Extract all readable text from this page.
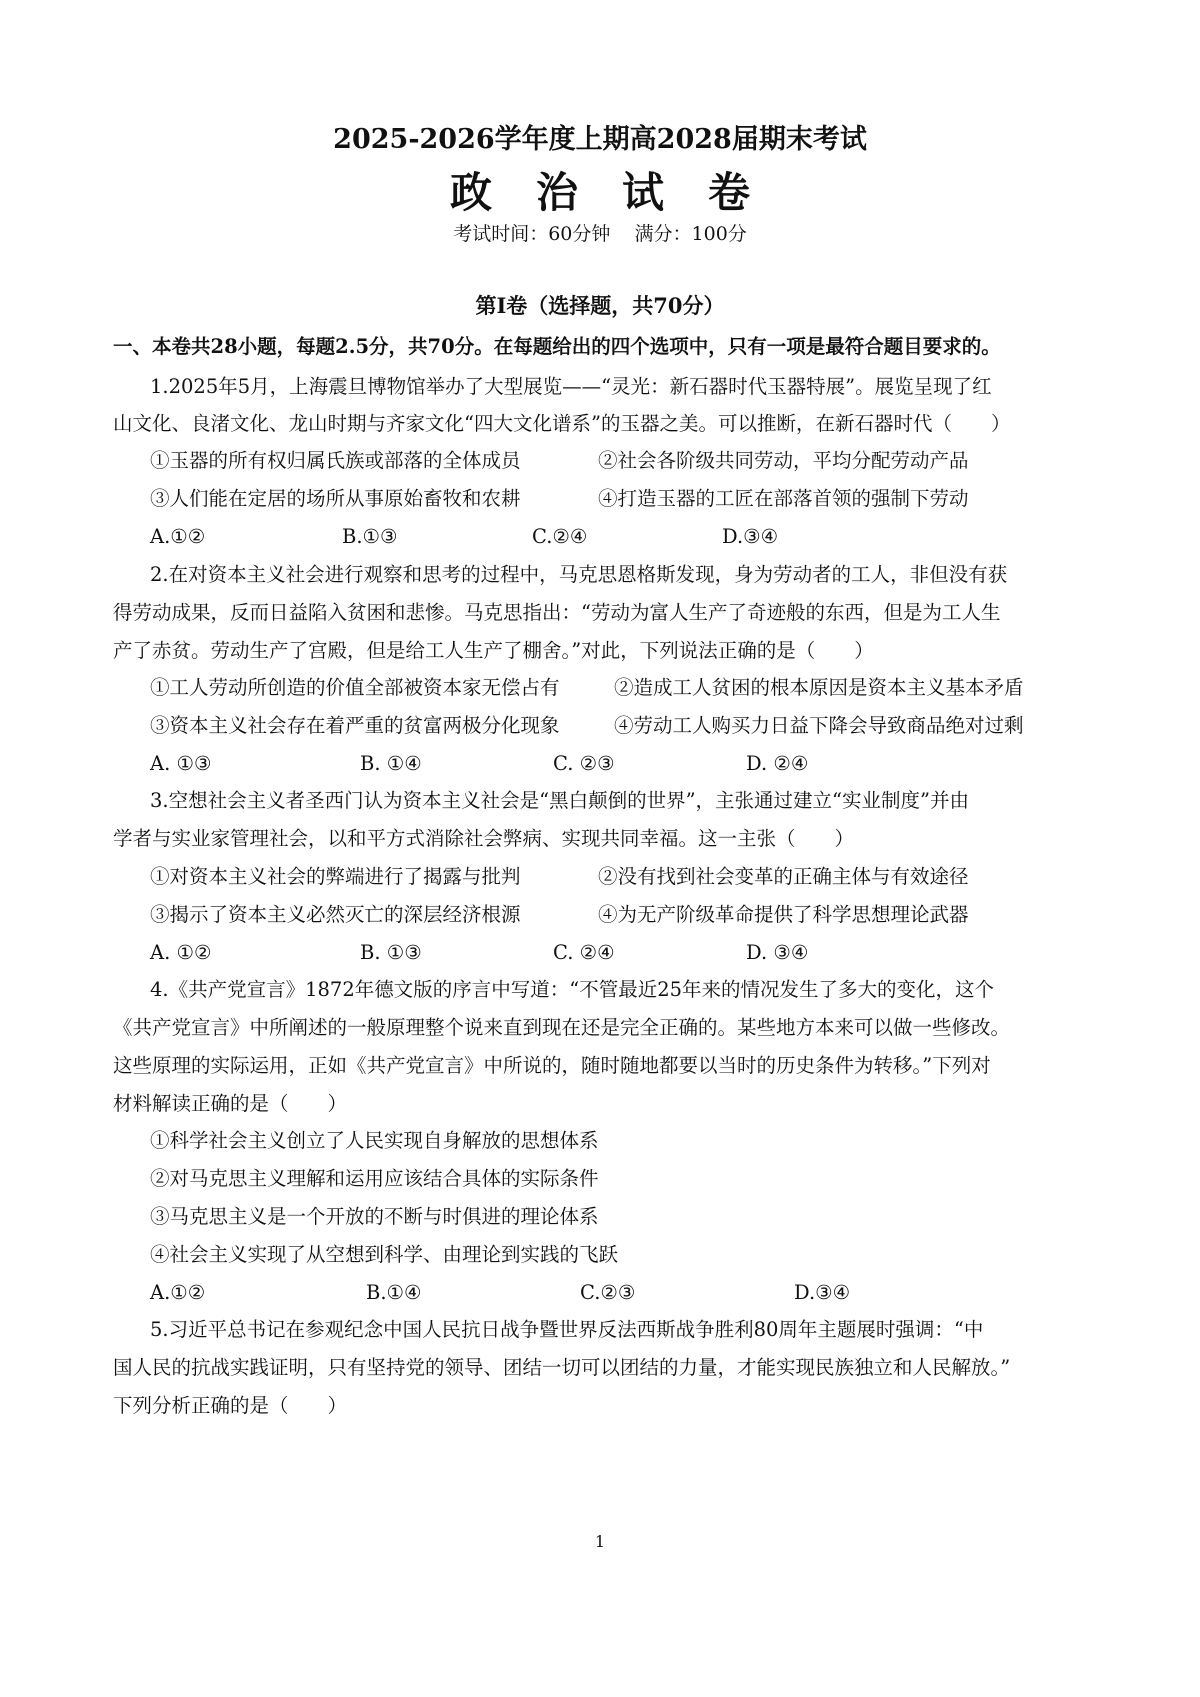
2025-2026学年度上期高2028届期末考试
政治试卷
考试时间：60分钟    满分：100分
第Ⅰ卷（选择题，共70分）
一、本卷共28小题，每题2.5分，共70分。在每题给出的四个选项中，只有一项是最符合题目要求的。
1.2025年5月，上海震旦博物馆举办了大型展览——“灵光：新石器时代玉器特展”。展览呈现了红
山文化、良渚文化、龙山时期与齐家文化“四大文化谱系”的玉器之美。可以推断，在新石器时代（　　）
①玉器的所有权归属氏族或部落的全体成员	②社会各阶级共同劳动，平均分配劳动产品
③人们能在定居的场所从事原始畜牧和农耕	④打造玉器的工匠在部落首领的强制下劳动
A.①②	B.①③	C.②④	D.③④
2.在对资本主义社会进行观察和思考的过程中，马克思恩格斯发现，身为劳动者的工人，非但没有获
得劳动成果，反而日益陷入贫困和悲惨。马克思指出：“劳动为富人生产了奇迹般的东西，但是为工人生
产了赤贫。劳动生产了宫殿，但是给工人生产了棚舍。”对此，下列说法正确的是（　　）
①工人劳动所创造的价值全部被资本家无偿占有	②造成工人贫困的根本原因是资本主义基本矛盾
③资本主义社会存在着严重的贫富两极分化现象	④劳动工人购买力日益下降会导致商品绝对过剩
A. ①③	B. ①④	C. ②③	D. ②④
3.空想社会主义者圣西门认为资本主义社会是“黑白颠倒的世界”，主张通过建立“实业制度”并由
学者与实业家管理社会，以和平方式消除社会弊病、实现共同幸福。这一主张（　　）
①对资本主义社会的弊端进行了揭露与批判	②没有找到社会变革的正确主体与有效途径
③揭示了资本主义必然灭亡的深层经济根源	④为无产阶级革命提供了科学思想理论武器
A. ①②	B. ①③	C. ②④	D. ③④
4.《共产党宣言》1872年德文版的序言中写道：“不管最近25年来的情况发生了多大的变化，这个
《共产党宣言》中所阐述的一般原理整个说来直到现在还是完全正确的。某些地方本来可以做一些修改。
这些原理的实际运用，正如《共产党宣言》中所说的，随时随地都要以当时的历史条件为转移。”下列对
材料解读正确的是（　　）
①科学社会主义创立了人民实现自身解放的思想体系
②对马克思主义理解和运用应该结合具体的实际条件
③马克思主义是一个开放的不断与时俱进的理论体系
④社会主义实现了从空想到科学、由理论到实践的飞跃
A.①②	B.①④	C.②③	D.③④
5.习近平总书记在参观纪念中国人民抗日战争暨世界反法西斯战争胜利80周年主题展时强调：“中
国人民的抗战实践证明，只有坚持党的领导、团结一切可以团结的力量，才能实现民族独立和人民解放。”
下列分析正确的是（　　）
1
